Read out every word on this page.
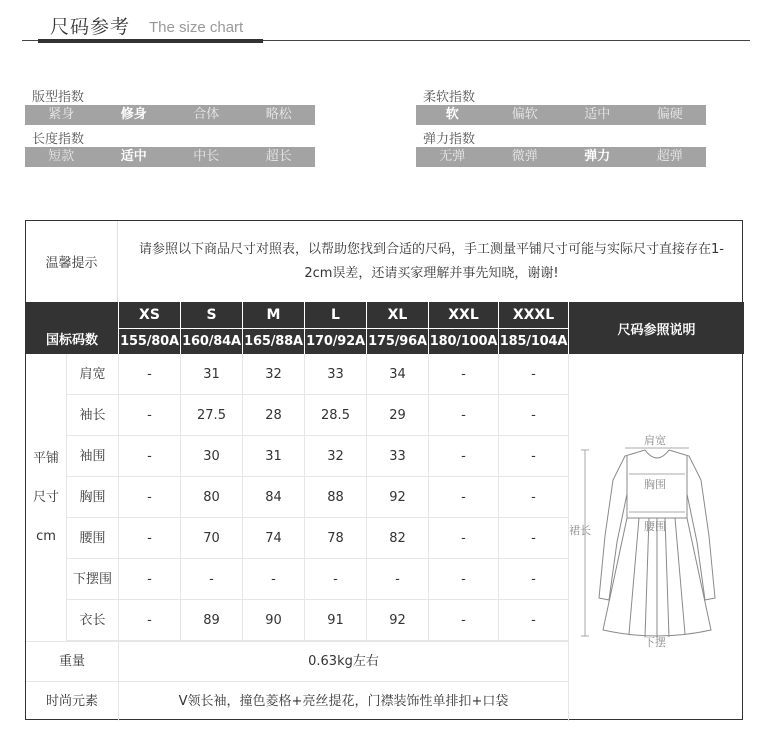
尺码参考 The size chart
版型指数
紧身	修身	合体	略松
长度指数
短款	适中	中长	超长
柔软指数
软	偏软	适中	偏硬
弹力指数
无弹	微弹	弹力	超弹
温馨提示
请参照以下商品尺寸对照表，以帮助您找到合适的尺码，手工测量平铺尺寸可能与实际尺寸直接存在1-2cm误差，还请买家理解并事先知晓，谢谢!
XS	S	M	L	XL	XXL	XXXL
国标码数	155/80A 160/84A 165/88A 170/92A 175/96A 180/100A 185/104A
尺码参照说明
平铺
尺寸
cm
肩宽	-	31	32	33	34	-	-
袖长	-	27.5	28	28.5	29	-	-
袖围	-	30	31	32	33	-	-
胸围	-	80	84	88	92	-	-
腰围	-	70	74	78	82	-	-
下摆围	-	-	-	-	-	-	-
衣长	-	89	90	91	92	-	-
重量	0.63kg左右
时尚元素	V领长袖，撞色菱格+亮丝提花，门襟装饰性单排扣+口袋
肩宽
胸围
腰围
裙长
下摆
